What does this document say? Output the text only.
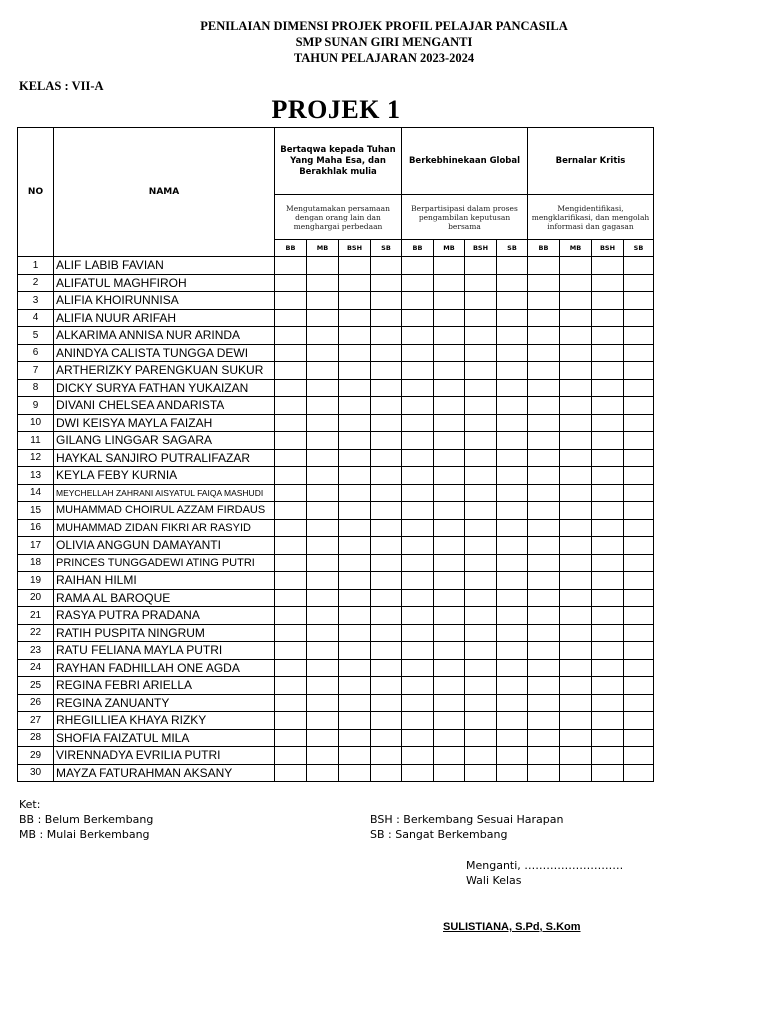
PENILAIAN DIMENSI PROJEK PROFIL PELAJAR PANCASILA
SMP SUNAN GIRI MENGANTI
TAHUN PELAJARAN 2023-2024
KELAS : VII-A
PROJEK 1
NO	NAMA	Bertaqwa kepada Tuhan Yang Maha Esa, dan Berakhlak mulia				Berkebhinekaan Global				Bernalar Kritis			
		Mengutamakan persamaan dengan orang lain dan menghargai perbedaan				Berpartisipasi dalam proses pengambilan keputusan bersama				Mengidentifikasi, mengklarifikasi, dan mengolah informasi dan gagasan			
		BB	MB	BSH	SB	BB	MB	BSH	SB	BB	MB	BSH	SB
1	ALIF LABIB FAVIAN												
2	ALIFATUL MAGHFIROH												
3	ALIFIA KHOIRUNNISA												
4	ALIFIA NUUR ARIFAH												
5	ALKARIMA ANNISA NUR ARINDA												
6	ANINDYA CALISTA TUNGGA DEWI												
7	ARTHERIZKY PARENGKUAN SUKUR												
8	DICKY SURYA FATHAN YUKAIZAN												
9	DIVANI CHELSEA ANDARISTA												
10	DWI KEISYA MAYLA FAIZAH												
11	GILANG LINGGAR SAGARA												
12	HAYKAL SANJIRO PUTRALIFAZAR												
13	KEYLA FEBY KURNIA												
14	MEYCHELLAH ZAHRANI AISYATUL FAIQA MASHUDI												
15	MUHAMMAD CHOIRUL AZZAM FIRDAUS												
16	MUHAMMAD ZIDAN FIKRI AR RASYID												
17	OLIVIA ANGGUN DAMAYANTI												
18	PRINCES TUNGGADEWI ATING PUTRI												
19	RAIHAN HILMI												
20	RAMA AL BAROQUE												
21	RASYA PUTRA PRADANA												
22	RATIH PUSPITA NINGRUM												
23	RATU FELIANA MAYLA PUTRI												
24	RAYHAN FADHILLAH ONE AGDA												
25	REGINA FEBRI ARIELLA												
26	REGINA ZANUANTY												
27	RHEGILLIEA KHAYA RIZKY												
28	SHOFIA FAIZATUL MILA												
29	VIRENNADYA EVRILIA PUTRI												
30	MAYZA FATURAHMAN AKSANY												
Ket:
BB : Belum Berkembang
MB : Mulai Berkembang
BSH : Berkembang Sesuai Harapan
SB : Sangat Berkembang
Menganti, ………………………
Wali Kelas
SULISTIANA, S.Pd, S.Kom
